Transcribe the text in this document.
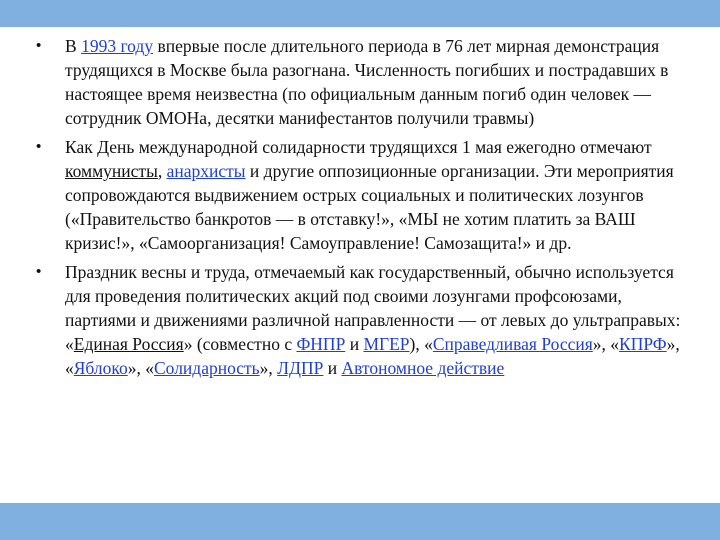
• В 1993 году впервые после длительного периода в 76 лет мирная демонстрация трудящихся в Москве была разогнана. Численность погибших и пострадавших в настоящее время неизвестна (по официальным данным погиб один человек — сотрудник ОМОНа, десятки манифестантов получили травмы)
• Как День международной солидарности трудящихся 1 мая ежегодно отмечают коммунисты, анархисты и другие оппозиционные организации. Эти мероприятия сопровождаются выдвижением острых социальных и политических лозунгов («Правительство банкротов — в отставку!», «МЫ не хотим платить за ВАШ кризис!», «Самоорганизация! Самоуправление! Самозащита!» и др.
• Праздник весны и труда, отмечаемый как государственный, обычно используется для проведения политических акций под своими лозунгами профсоюзами, партиями и движениями различной направленности — от левых до ультраправых: «Единая Россия» (совместно с ФНПР и МГЕР), «Справедливая Россия», «КПРФ», «Яблоко», «Солидарность», ЛДПР и Автономное действие
